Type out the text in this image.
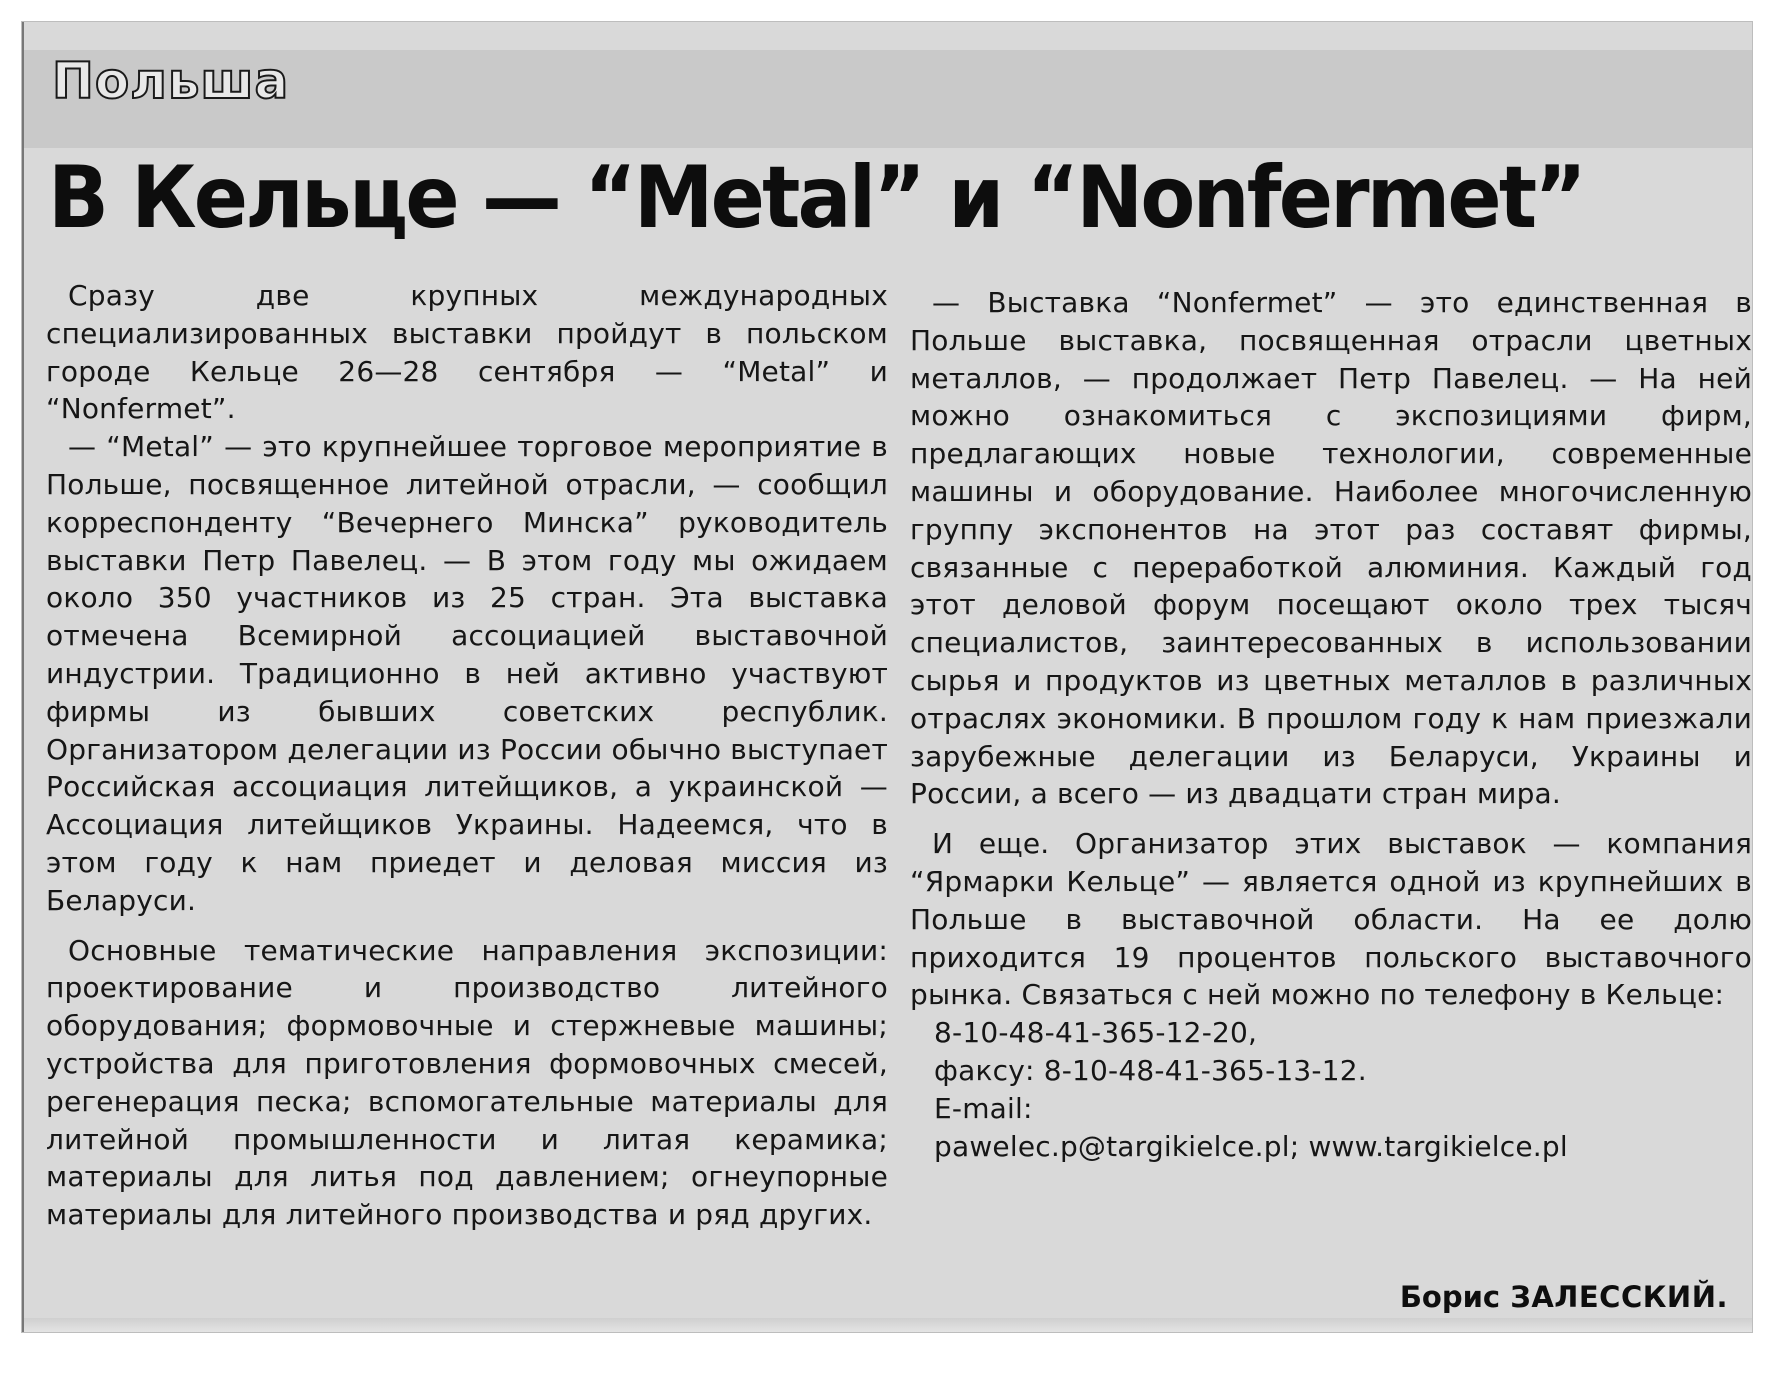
Польша
В Кельце — “Metal” и “Nonfermet”

Сразу две крупных международных специализированных выставки пройдут в польском городе Кельце 26—28 сентября — “Metal” и “Nonfermet”.

— “Metal” — это крупнейшее торговое мероприятие в Польше, посвященное литейной отрасли, — сообщил корреспонденту “Вечернего Минска” руководитель выставки Петр Павелец. — В этом году мы ожидаем около 350 участников из 25 стран. Эта выставка отмечена Всемирной ассоциацией выставочной индустрии. Традиционно в ней активно участвуют фирмы из бывших советских республик. Организатором делегации из России обычно выступает Российская ассоциация литейщиков, а украинской — Ассоциация литейщиков Украины. Надеемся, что в этом году к нам приедет и деловая миссия из Беларуси.

Основные тематические направления экспозиции: проектирование и производство литейного оборудования; формовочные и стержневые машины; устройства для приготовления формовочных смесей, регенерация песка; вспомогательные материалы для литейной промышленности и литая керамика; материалы для литья под давлением; огнеупорные материалы для литейного производства и ряд других.

— Выставка “Nonfermet” — это единственная в Польше выставка, посвященная отрасли цветных металлов, — продолжает Петр Павелец. — На ней можно ознакомиться с экспозициями фирм, предлагающих новые технологии, современные машины и оборудование. Наиболее многочисленную группу экспонентов на этот раз составят фирмы, связанные с переработкой алюминия. Каждый год этот деловой форум посещают около трех тысяч специалистов, заинтересованных в использовании сырья и продуктов из цветных металлов в различных отраслях экономики. В прошлом году к нам приезжали зарубежные делегации из Беларуси, Украины и России, а всего — из двадцати стран мира.

И еще. Организатор этих выставок — компания “Ярмарки Кельце” — является одной из крупнейших в Польше в выставочной области. На ее долю приходится 19 процентов польского выставочного рынка. Связаться с ней можно по телефону в Кельце:

8-10-48-41-365-12-20,
факсу: 8-10-48-41-365-13-12.
E-mail:
pawelec.p@targikielce.pl; www.targikielce.pl
Борис ЗАЛЕССКИЙ.
